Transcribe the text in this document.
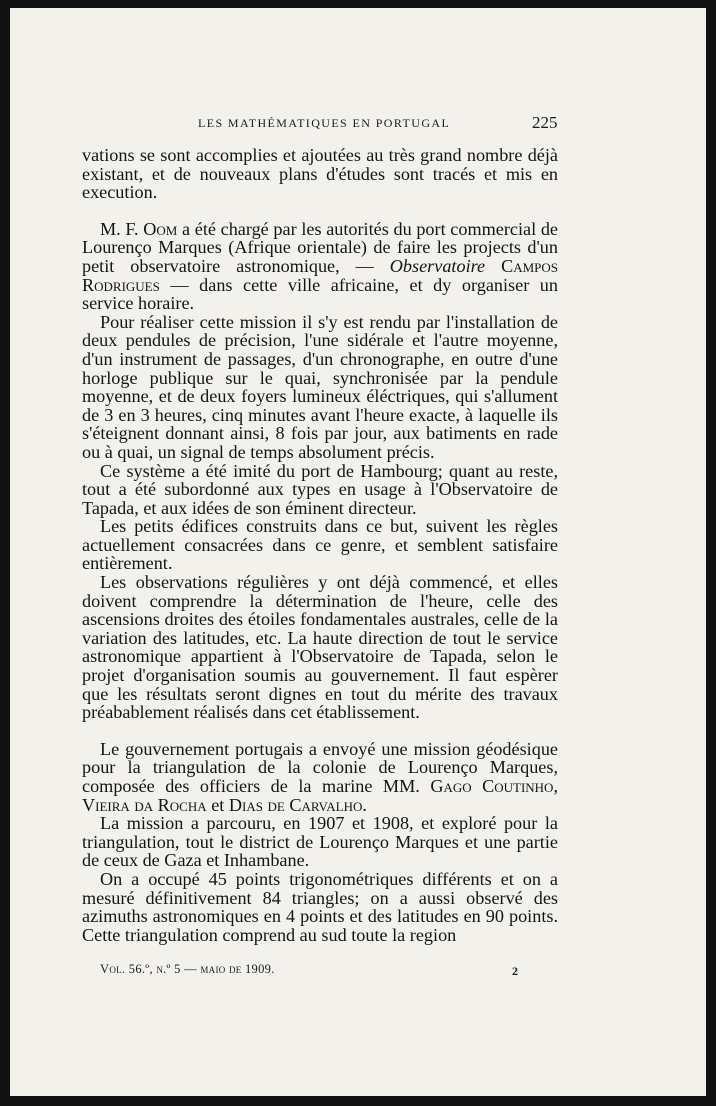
LES MATHÉMATIQUES EN PORTUGAL	225

vations se sont accomplies et ajoutées au très grand nombre déjà existant, et de nouveaux plans d'études sont tracés et mis en execution.

M. F. Oom a été chargé par les autorités du port commercial de Lourenço Marques (Afrique orientale) de faire les projects d'un petit observatoire astronomique, — Observatoire Campos Rodrigues — dans cette ville africaine, et dy organiser un service horaire.

Pour réaliser cette mission il s'y est rendu par l'installation de deux pendules de précision, l'une sidérale et l'autre moyenne, d'un instrument de passages, d'un chronographe, en outre d'une horloge publique sur le quai, synchronisée par la pendule moyenne, et de deux foyers lumineux éléctriques, qui s'allument de 3 en 3 heures, cinq minutes avant l'heure exacte, à laquelle ils s'éteignent donnant ainsi, 8 fois par jour, aux batiments en rade ou à quai, un signal de temps absolument précis.

Ce système a été imité du port de Hambourg; quant au reste, tout a été subordonné aux types en usage à l'Observatoire de Tapada, et aux idées de son éminent directeur.

Les petits édifices construits dans ce but, suivent les règles actuellement consacrées dans ce genre, et semblent satisfaire entièrement.

Les observations régulières y ont déjà commencé, et elles doivent comprendre la détermination de l'heure, celle des ascensions droites des étoiles fondamentales australes, celle de la variation des latitudes, etc. La haute direction de tout le service astronomique appartient à l'Observatoire de Tapada, selon le projet d'organisation soumis au gouvernement. Il faut espèrer que les résultats seront dignes en tout du mérite des travaux préabablement réalisés dans cet établissement.

Le gouvernement portugais a envoyé une mission géodésique pour la triangulation de la colonie de Lourenço Marques, composée des officiers de la marine MM. Gago Coutinho, Vieira da Rocha et Dias de Carvalho.

La mission a parcouru, en 1907 et 1908, et exploré pour la triangulation, tout le district de Lourenço Marques et une partie de ceux de Gaza et Inhambane.

On a occupé 45 points trigonométriques différents et on a mesuré définitivement 84 triangles; on a aussi observé des azimuths astronomiques en 4 points et des latitudes en 90 points. Cette triangulation comprend au sud toute la region

Vol. 56.º, n.º 5 — maio de 1909.	2
